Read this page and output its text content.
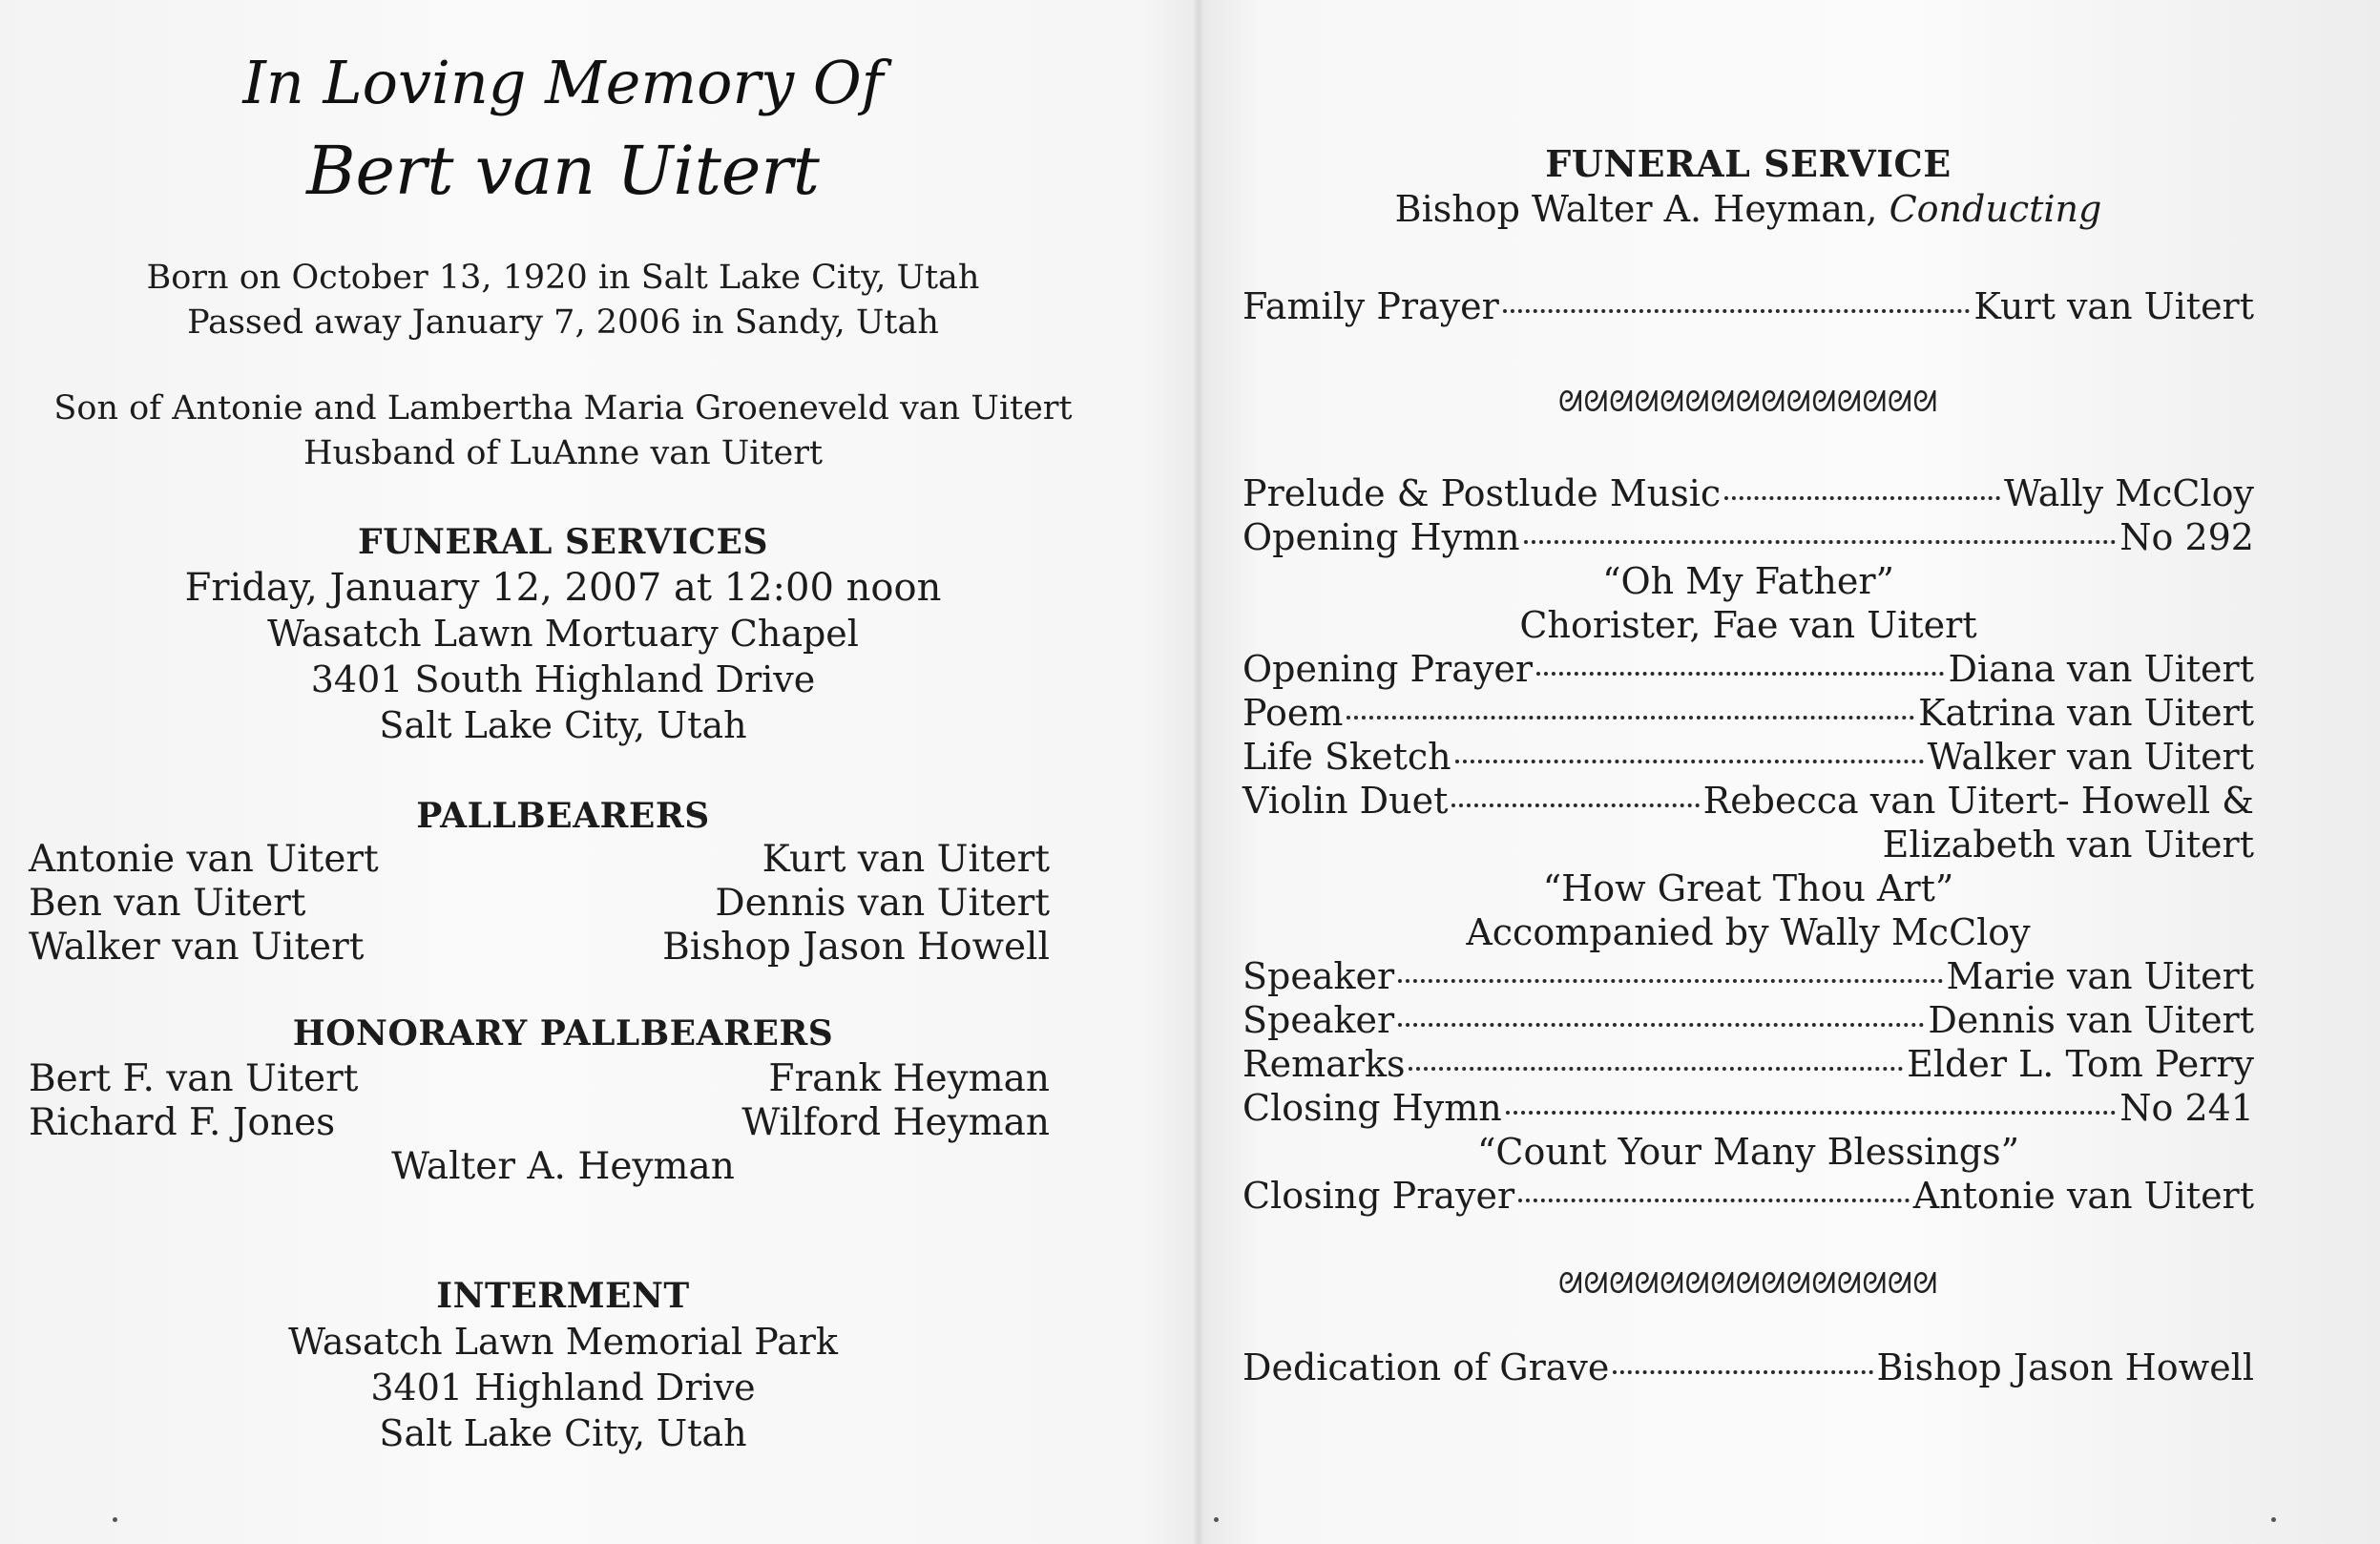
In Loving Memory Of
Bert van Uitert
Born on October 13, 1920 in Salt Lake City, Utah
Passed away January 7, 2006 in Sandy, Utah
Son of Antonie and Lambertha Maria Groeneveld van Uitert
Husband of LuAnne van Uitert
FUNERAL SERVICES
Friday, January 12, 2007 at 12:00 noon
Wasatch Lawn Mortuary Chapel
3401 South Highland Drive
Salt Lake City, Utah
PALLBEARERS
Antonie van Uitert	Kurt van Uitert
Ben van Uitert	Dennis van Uitert
Walker van Uitert	Bishop Jason Howell
HONORARY PALLBEARERS
Bert F. van Uitert	Frank Heyman
Richard F. Jones	Wilford Heyman
Walter A. Heyman
INTERMENT
Wasatch Lawn Memorial Park
3401 Highland Drive
Salt Lake City, Utah
FUNERAL SERVICE
Bishop Walter A. Heyman, Conducting
Family Prayer	Kurt van Uitert
ᘛᘛᘛᘛᘛᘛᘛᘛᘛᘛᘛᘛᘛᘛᘛ
Prelude & Postlude Music	Wally McCloy
Opening Hymn	No 292
“Oh My Father”
Chorister, Fae van Uitert
Opening Prayer	Diana van Uitert
Poem	Katrina van Uitert
Life Sketch	Walker van Uitert
Violin Duet	Rebecca van Uitert- Howell &
Elizabeth van Uitert
“How Great Thou Art”
Accompanied by Wally McCloy
Speaker	Marie van Uitert
Speaker	Dennis van Uitert
Remarks	Elder L. Tom Perry
Closing Hymn	No 241
“Count Your Many Blessings”
Closing Prayer	Antonie van Uitert
ᘛᘛᘛᘛᘛᘛᘛᘛᘛᘛᘛᘛᘛᘛᘛ
Dedication of Grave	Bishop Jason Howell
